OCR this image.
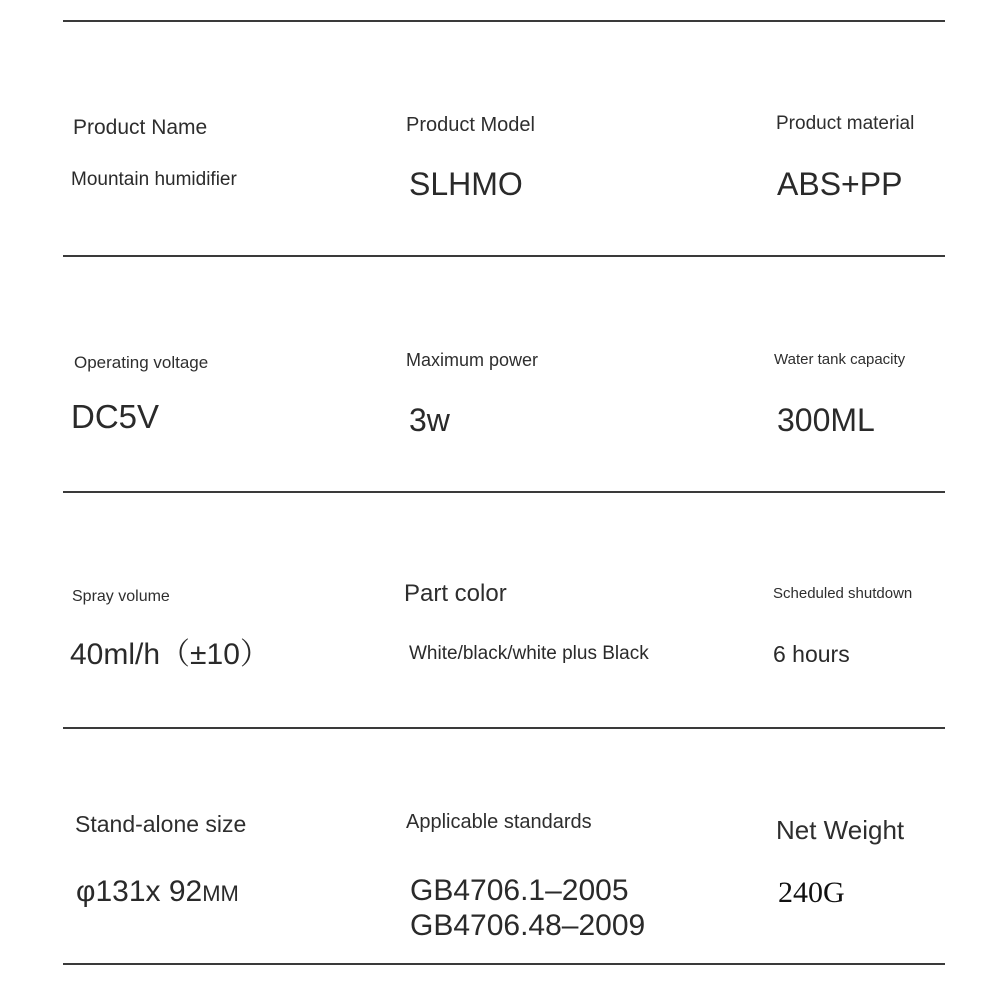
Product Name
Mountain humidifier
Product Model
SLHMO
Product material
ABS+PP
Operating voltage
DC5V
Maximum power
3w
Water tank capacity
300ML
Spray volume
40ml/h（±10）
Part color
White/black/white plus Black
Scheduled shutdown
6 hours
Stand-alone size
φ131x 92MM
Applicable standards
GB4706.1–2005
GB4706.48–2009
Net Weight
240G
